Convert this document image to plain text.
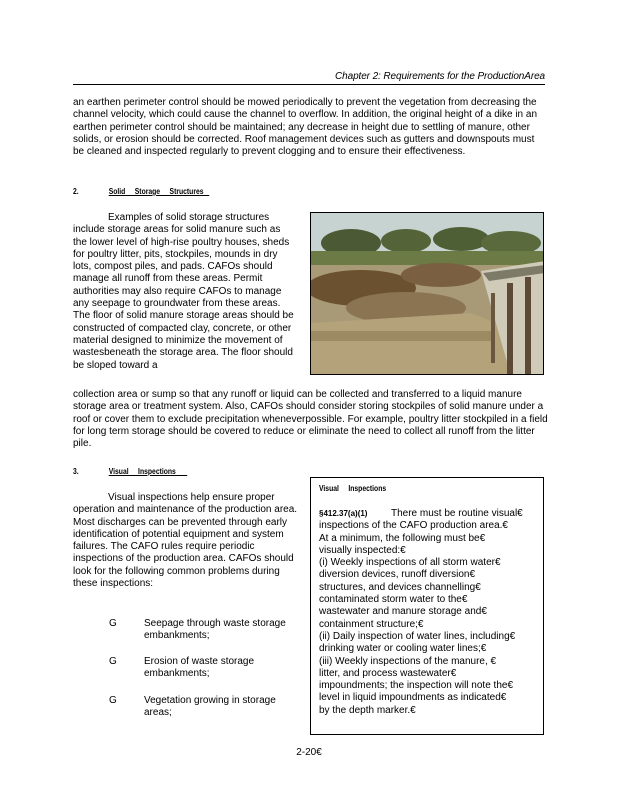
Chapter 2: Requirements for the ProductionArea

an earthen perimeter control should be mowed periodically to prevent the vegetation from decreasing the channel velocity, which could cause the channel to overflow. In addition, the original height of a dike in an earthen perimeter control should be maintained; any decrease in height due to settling of manure, other solids, or erosion should be corrected. Roof management devices such as gutters and downspouts must be cleaned and inspected regularly to prevent clogging and to ensure their effectiveness.

2.	Solid     Storage     Structures

Examples of solid storage structures include storage areas for solid manure such as the lower level of high-rise poultry houses, sheds for poultry litter, pits, stockpiles, mounds in dry lots, compost piles, and pads. CAFOs should manage all runoff from these areas. Permit authorities may also require CAFOs to manage any seepage to groundwater from these areas. The floor of solid manure storage areas should be constructed of compacted clay, concrete, or other material designed to minimize the movement of wastesbeneath the storage area. The floor should be sloped toward a

collection area or sump so that any runoff or liquid can be collected and transferred to a liquid manure storage area or treatment system. Also, CAFOs should consider storing stockpiles of solid manure under a roof or cover them to exclude precipitation wheneverpossible. For example, poultry litter stockpiled in a field for long term storage should be covered to reduce or eliminate the need to collect all runoff from the litter pile.

3.	Visual     Inspections

Visual inspections help ensure proper operation and maintenance of the production area. Most discharges can be prevented through early identification of potential equipment and system failures. The CAFO rules require periodic inspections of the production area. CAFOs should look for the following common problems during these inspections:

G	Seepage through waste storage embankments;
G	Erosion of waste storage embankments;
G	Vegetation growing in storage areas;
Visual     Inspections
§412.37(a)(1) There must be routine visual€
inspections of the CAFO production area.€
At a minimum, the following must be€
visually inspected:€
(i) Weekly inspections of all storm water€
diversion devices, runoff diversion€
structures, and devices channelling€
contaminated storm water to the€
wastewater and manure storage and€
containment structure;€
(ii) Daily inspection of water lines, including€
drinking water or cooling water lines;€
(iii) Weekly inspections of the manure, €
litter, and process wastewater€
impoundments; the inspection will note the€
level in liquid impoundments as indicated€
by the depth marker.€
2-20€
